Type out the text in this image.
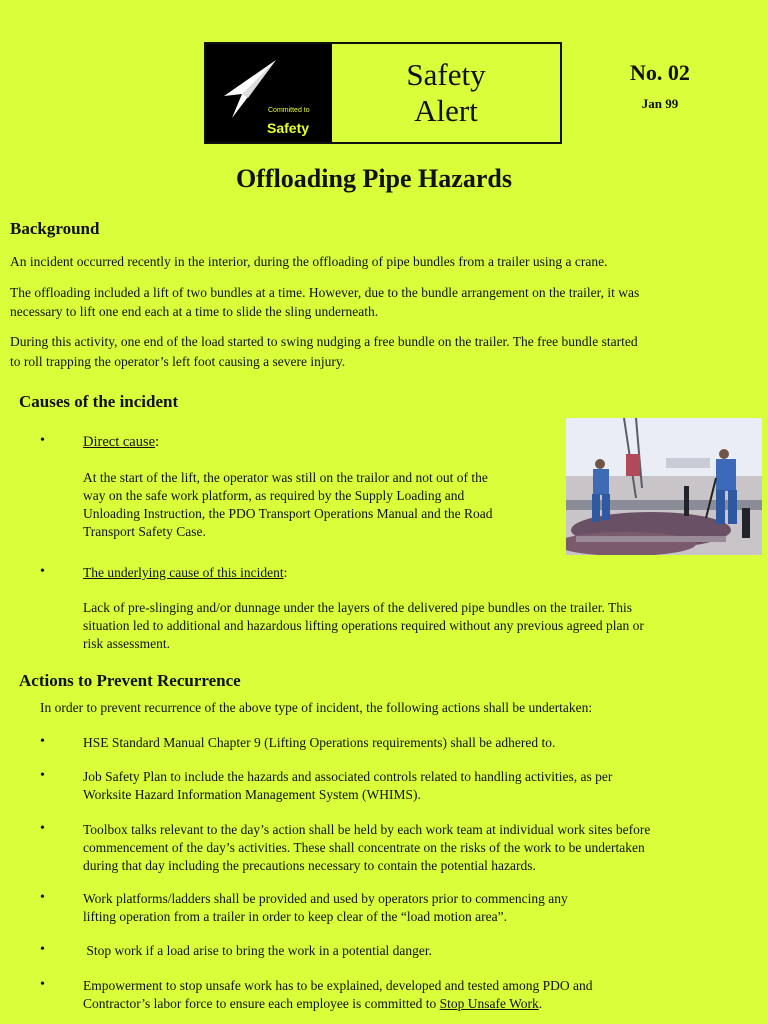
Committed to
Safety
Safety
Alert
No. 02
Jan 99
Offloading Pipe Hazards
Background
An incident occurred recently in the interior, during the offloading of pipe bundles from a trailer using a crane.
The offloading included a lift of two bundles at a time. However, due to the bundle arrangement on the trailer, it was
necessary to lift one end each at a time to slide the sling underneath.
During this activity, one end of the load started to swing nudging a free bundle on the trailer. The free bundle started
to roll trapping the operator’s left foot causing a severe injury.
Causes of the incident
•	Direct cause:
At the start of the lift, the operator was still on the trailor and not out of the
way on the safe work platform, as required by the Supply Loading and
Unloading Instruction, the PDO Transport Operations Manual and the Road
Transport Safety Case.
•	The underlying cause of this incident:
Lack of pre-slinging and/or dunnage under the layers of the delivered pipe bundles on the trailer. This
situation led to additional and hazardous lifting operations required without any previous agreed plan or
risk assessment.
Actions to Prevent Recurrence
In order to prevent recurrence of the above type of incident, the following actions shall be undertaken:
•	HSE Standard Manual Chapter 9 (Lifting Operations requirements) shall be adhered to.
•	Job Safety Plan to include the hazards and associated controls related to handling activities, as per
Worksite Hazard Information Management System (WHIMS).
•	Toolbox talks relevant to the day’s action shall be held by each work team at individual work sites before
commencement of the day’s activities. These shall concentrate on the risks of the work to be undertaken
during that day including the precautions necessary to contain the potential hazards.
•	Work platforms/ladders shall be provided and used by operators prior to commencing any
lifting operation from a trailer in order to keep clear of the “load motion area”.
•	Stop work if a load arise to bring the work in a potential danger.
•	Empowerment to stop unsafe work has to be explained, developed and tested among PDO and
Contractor’s labor force to ensure each employee is committed to Stop Unsafe Work.
